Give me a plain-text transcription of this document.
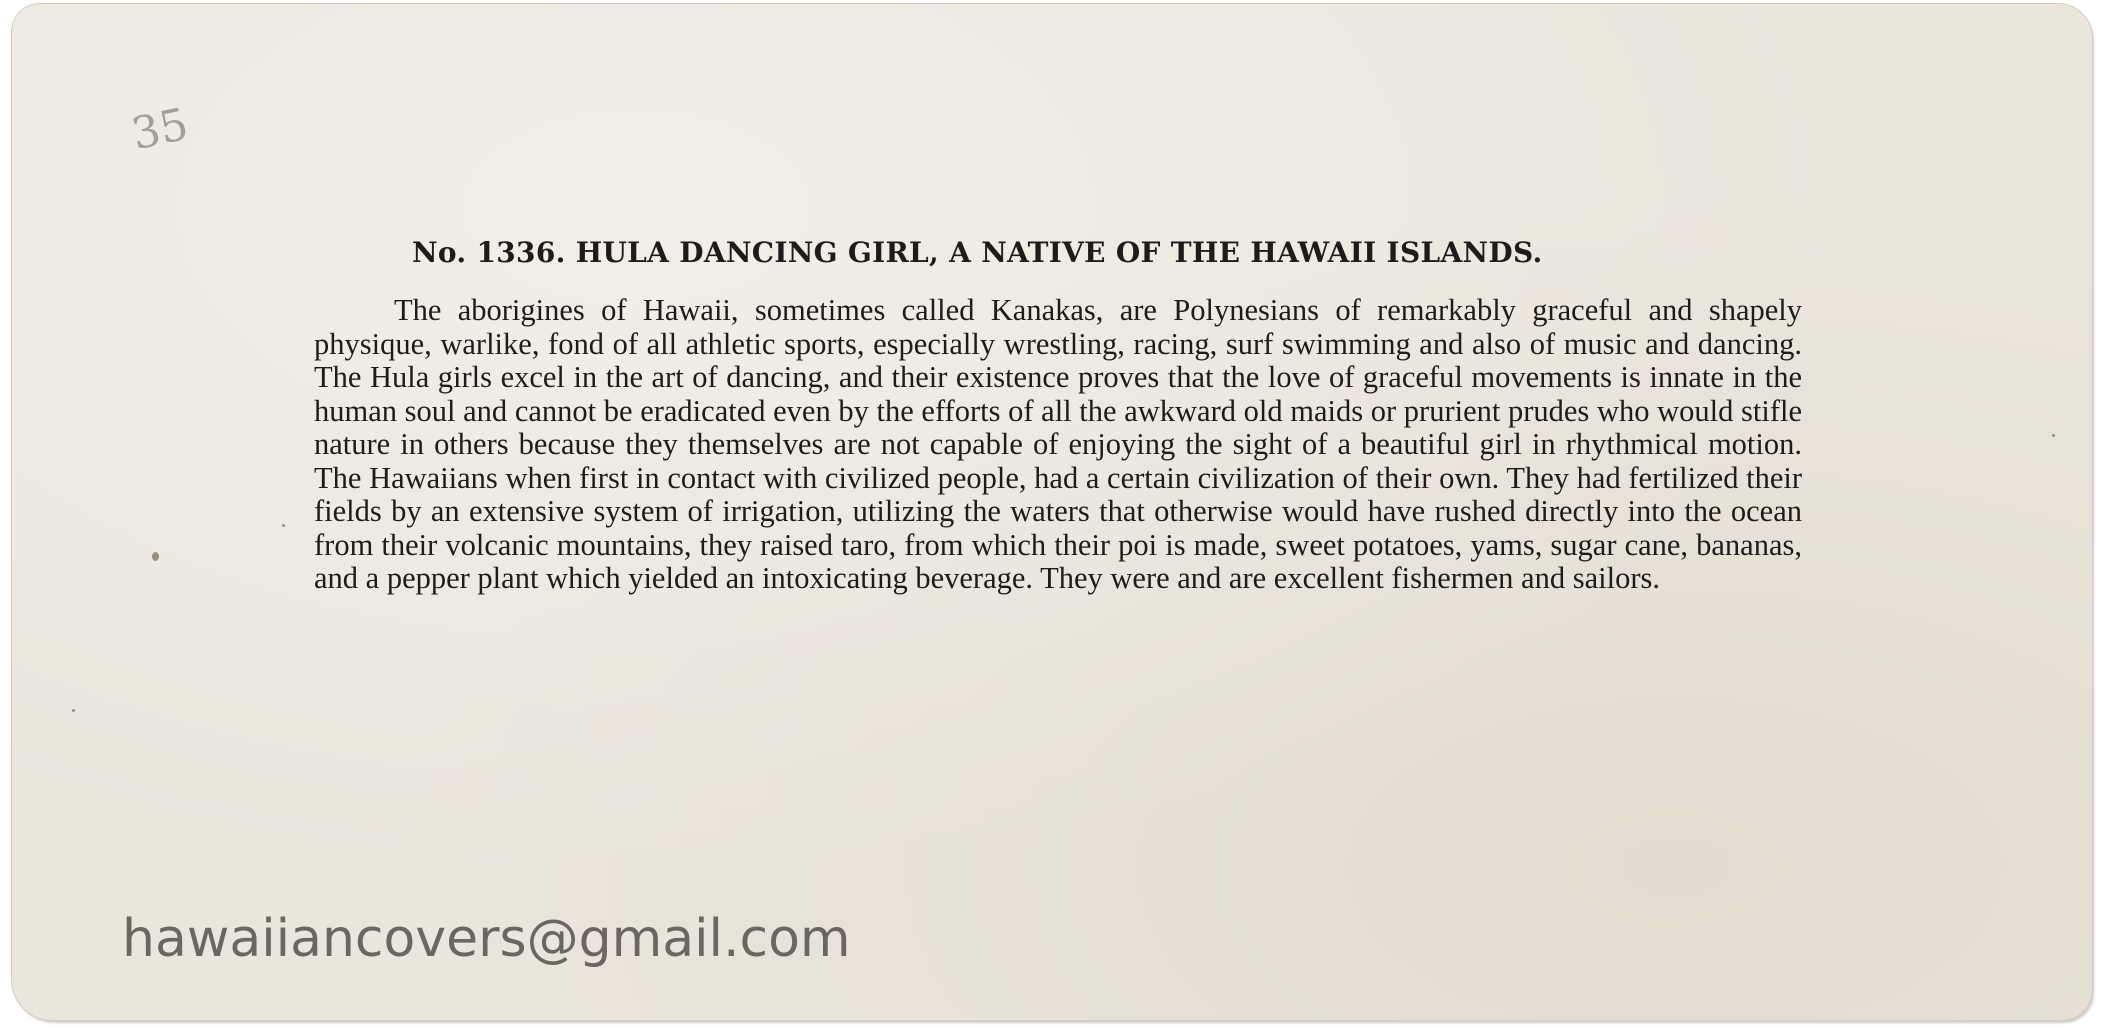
35
No. 1336. HULA DANCING GIRL, A NATIVE OF THE HAWAII ISLANDS.

The aborigines of Hawaii, sometimes called Kanakas, are Polynesians of remarkably graceful and shapely physique, warlike, fond of all athletic sports, especially wrestling, racing, surf swimming and also of music and dancing. The Hula girls excel in the art of dancing, and their existence proves that the love of graceful movements is innate in the human soul and cannot be eradicated even by the efforts of all the awkward old maids or prurient prudes who would stifle nature in others because they themselves are not capable of enjoying the sight of a beautiful girl in rhythmical motion. The Hawaiians when first in contact with civilized people, had a certain civilization of their own. They had fertilized their fields by an extensive system of irrigation, utilizing the waters that otherwise would have rushed directly into the ocean from their volcanic mountains, they raised taro, from which their poi is made, sweet potatoes, yams, sugar cane, bananas, and a pepper plant which yielded an intoxicating beverage. They were and are excellent fishermen and sailors.

hawaiiancovers@gmail.com
